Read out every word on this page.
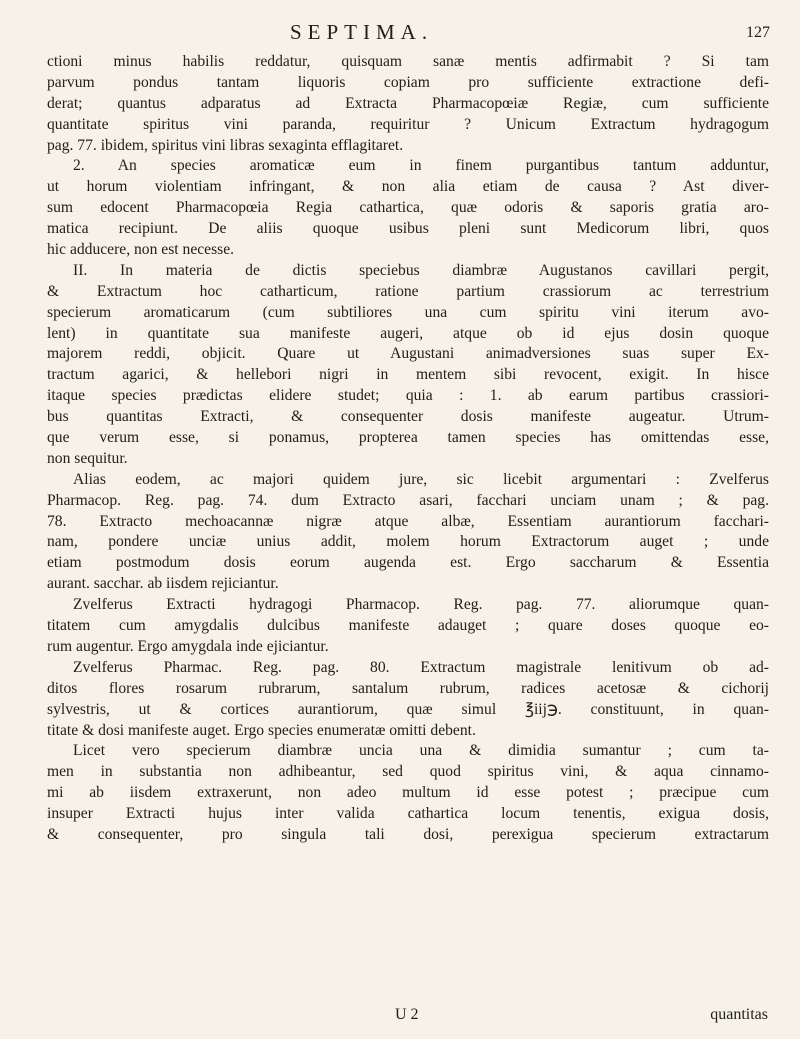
SEPTIMA.	127
ctioni minus habilis reddatur, quisquam sanæ mentis adfirmabit ? Si tam
parvum pondus tantam liquoris copiam pro sufficiente extractione defi-
derat; quantus adparatus ad Extracta Pharmacopœiæ Regiæ, cum sufficiente
quantitate spiritus vini paranda, requiritur ? Unicum Extractum hydragogum
pag. 77. ibidem, spiritus vini libras sexaginta efflagitaret.
2. An species aromaticæ eum in finem purgantibus tantum adduntur,
ut horum violentiam infringant, & non alia etiam de causa ? Ast diver-
sum edocent Pharmacopœia Regia cathartica, quæ odoris & saporis gratia aro-
matica recipiunt. De aliis quoque usibus pleni sunt Medicorum libri, quos
hic adducere, non est necesse.
II. In materia de dictis speciebus diambræ Augustanos cavillari pergit,
& Extractum hoc catharticum, ratione partium crassiorum ac terrestrium
specierum aromaticarum (cum subtiliores una cum spiritu vini iterum avo-
lent) in quantitate sua manifeste augeri, atque ob id ejus dosin quoque
majorem reddi, objicit. Quare ut Augustani animadversiones suas super Ex-
tractum agarici, & hellebori nigri in mentem sibi revocent, exigit. In hisce
itaque species prædictas elidere studet; quia : 1. ab earum partibus crassiori-
bus quantitas Extracti, & consequenter dosis manifeste augeatur. Utrum-
que verum esse, si ponamus, propterea tamen species has omittendas esse,
non sequitur.
Alias eodem, ac majori quidem jure, sic licebit argumentari : Zvelferus
Pharmacop. Reg. pag. 74. dum Extracto asari, facchari unciam unam ; & pag.
78. Extracto mechoacannæ nigræ atque albæ, Essentiam aurantiorum facchari-
nam, pondere unciæ unius addit, molem horum Extractorum auget ; unde
etiam postmodum dosis eorum augenda est. Ergo saccharum & Essentia
aurant. sacchar. ab iisdem rejiciantur.
Zvelferus Extracti hydragogi Pharmacop. Reg. pag. 77. aliorumque quan-
titatem cum amygdalis dulcibus manifeste adauget ; quare doses quoque eo-
rum augentur. Ergo amygdala inde ejiciantur.
Zvelferus Pharmac. Reg. pag. 80. Extractum magistrale lenitivum ob ad-
ditos flores rosarum rubrarum, santalum rubrum, radices acetosæ & cichorij
sylvestris, ut & cortices aurantiorum, quæ simul ℥iij℈. constituunt, in quan-
titate & dosi manifeste auget. Ergo species enumeratæ omitti debent.
Licet vero specierum diambræ uncia una & dimidia sumantur ; cum ta-
men in substantia non adhibeantur, sed quod spiritus vini, & aqua cinnamo-
mi ab iisdem extraxerunt, non adeo multum id esse potest ; præcipue cum
insuper Extracti hujus inter valida cathartica locum tenentis, exigua dosis,
& consequenter, pro singula tali dosi, perexigua specierum extractarum
U 2	quantitas
